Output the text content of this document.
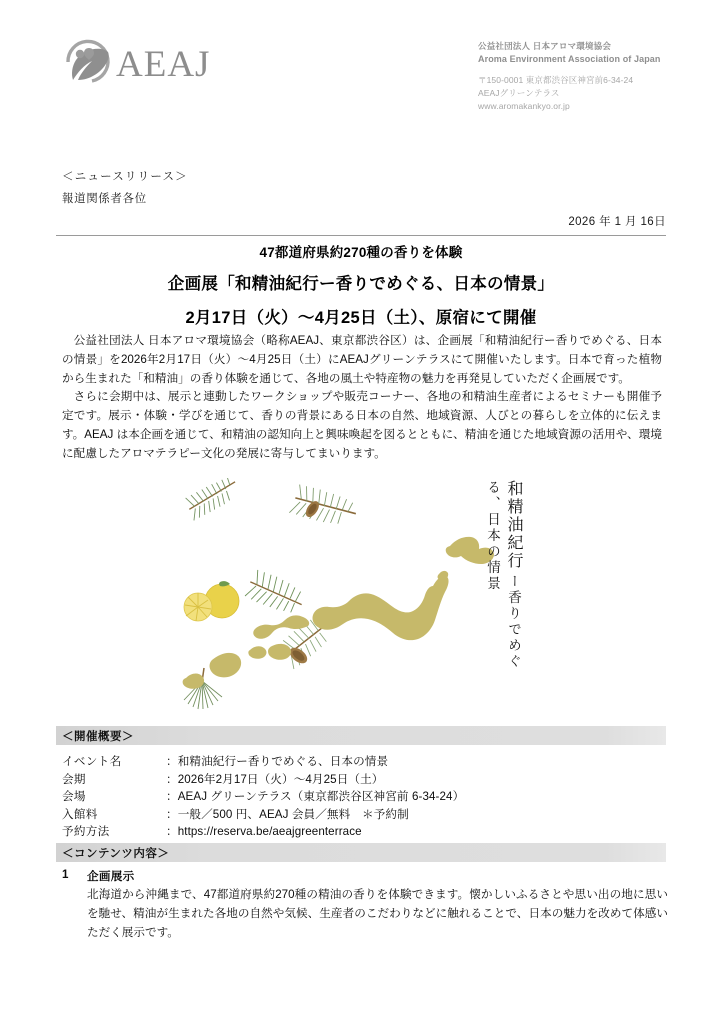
AEAJ	公益社団法人 日本アロマ環境協会
Aroma Environment Association of Japan
〒150-0001 東京都渋谷区神宮前6-34-24
AEAJグリーンテラス
www.aromakankyo.or.jp
＜ニュースリリース＞
報道関係者各位
2026 年 1 月 16日
47都道府県約270種の香りを体験
企画展「和精油紀行ー香りでめぐる、日本の情景」
2月17日（火）〜4月25日（土）、原宿にて開催

公益社団法人 日本アロマ環境協会（略称AEAJ、東京都渋谷区）は、企画展「和精油紀行ー香りでめぐる、日本の情景」を2026年2月17日（火）〜4月25日（土）にAEAJグリーンテラスにて開催いたします。日本で育った植物から生まれた「和精油」の香り体験を通じて、各地の風土や特産物の魅力を再発見していただく企画展です。

さらに会期中は、展示と連動したワークショップや販売コーナー、各地の和精油生産者によるセミナーも開催予定です。展示・体験・学びを通じて、香りの背景にある日本の自然、地域資源、人びとの暮らしを立体的に伝えます。AEAJ は本企画を通じて、和精油の認知向上と興味喚起を図るとともに、精油を通じた地域資源の活用や、環境に配慮したアロマテラピー文化の発展に寄与してまいります。

和精油紀行 ー香りでめぐる、日本の情景
＜開催概要＞
イベント名	：和精油紀行ー香りでめぐる、日本の情景
会期	：2026年2月17日（火）〜4月25日（土）
会場	：AEAJ グリーンテラス（東京都渋谷区神宮前 6-34-24）
入館料	：一般／500 円、AEAJ 会員／無料　＊予約制
予約方法	：https://reserva.be/aeajgreenterrace
＜コンテンツ内容＞
1	企画展示
北海道から沖縄まで、47都道府県約270種の精油の香りを体験できます。懐かしいふるさとや思い出の地に思いを馳せ、精油が生まれた各地の自然や気候、生産者のこだわりなどに触れることで、日本の魅力を改めて体感いただく展示です。
